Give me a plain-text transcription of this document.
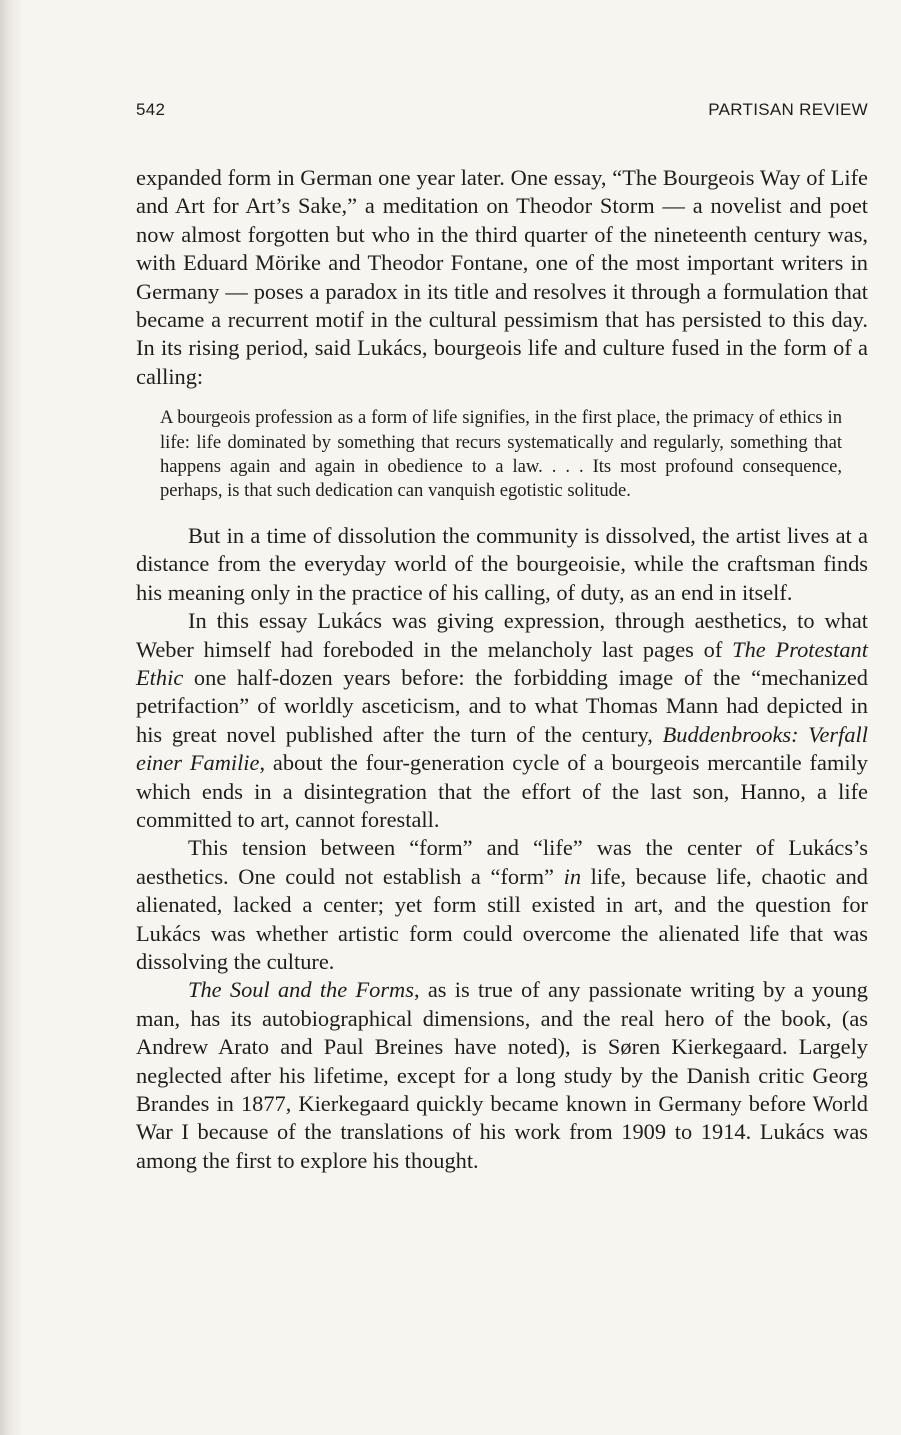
542	PARTISAN REVIEW

expanded form in German one year later. One essay, “The Bourgeois Way of Life and Art for Art’s Sake,” a meditation on Theodor Storm — a novelist and poet now almost forgotten but who in the third quarter of the nineteenth century was, with Eduard Mörike and Theodor Fontane, one of the most important writers in Germany — poses a paradox in its title and resolves it through a formulation that became a recurrent motif in the cultural pessimism that has persisted to this day. In its rising period, said Lukács, bourgeois life and culture fused in the form of a calling:

A bourgeois profession as a form of life signifies, in the first place, the primacy of ethics in life: life dominated by something that recurs systematically and regularly, something that happens again and again in obedience to a law. . . . Its most profound consequence, perhaps, is that such dedication can vanquish egotistic solitude.

But in a time of dissolution the community is dissolved, the artist lives at a distance from the everyday world of the bourgeoisie, while the craftsman finds his meaning only in the practice of his calling, of duty, as an end in itself.

In this essay Lukács was giving expression, through aesthetics, to what Weber himself had foreboded in the melancholy last pages of The Protestant Ethic one half-dozen years before: the forbidding image of the “mechanized petrifaction” of worldly asceticism, and to what Thomas Mann had depicted in his great novel published after the turn of the century, Buddenbrooks: Verfall einer Familie, about the four-generation cycle of a bourgeois mercantile family which ends in a disintegration that the effort of the last son, Hanno, a life committed to art, cannot forestall.

This tension between “form” and “life” was the center of Lukács’s aesthetics. One could not establish a “form” in life, because life, chaotic and alienated, lacked a center; yet form still existed in art, and the question for Lukács was whether artistic form could overcome the alienated life that was dissolving the culture.

The Soul and the Forms, as is true of any passionate writing by a young man, has its autobiographical dimensions, and the real hero of the book, (as Andrew Arato and Paul Breines have noted), is Søren Kierkegaard. Largely neglected after his lifetime, except for a long study by the Danish critic Georg Brandes in 1877, Kierkegaard quickly became known in Germany before World War I because of the translations of his work from 1909 to 1914. Lukács was among the first to explore his thought.
